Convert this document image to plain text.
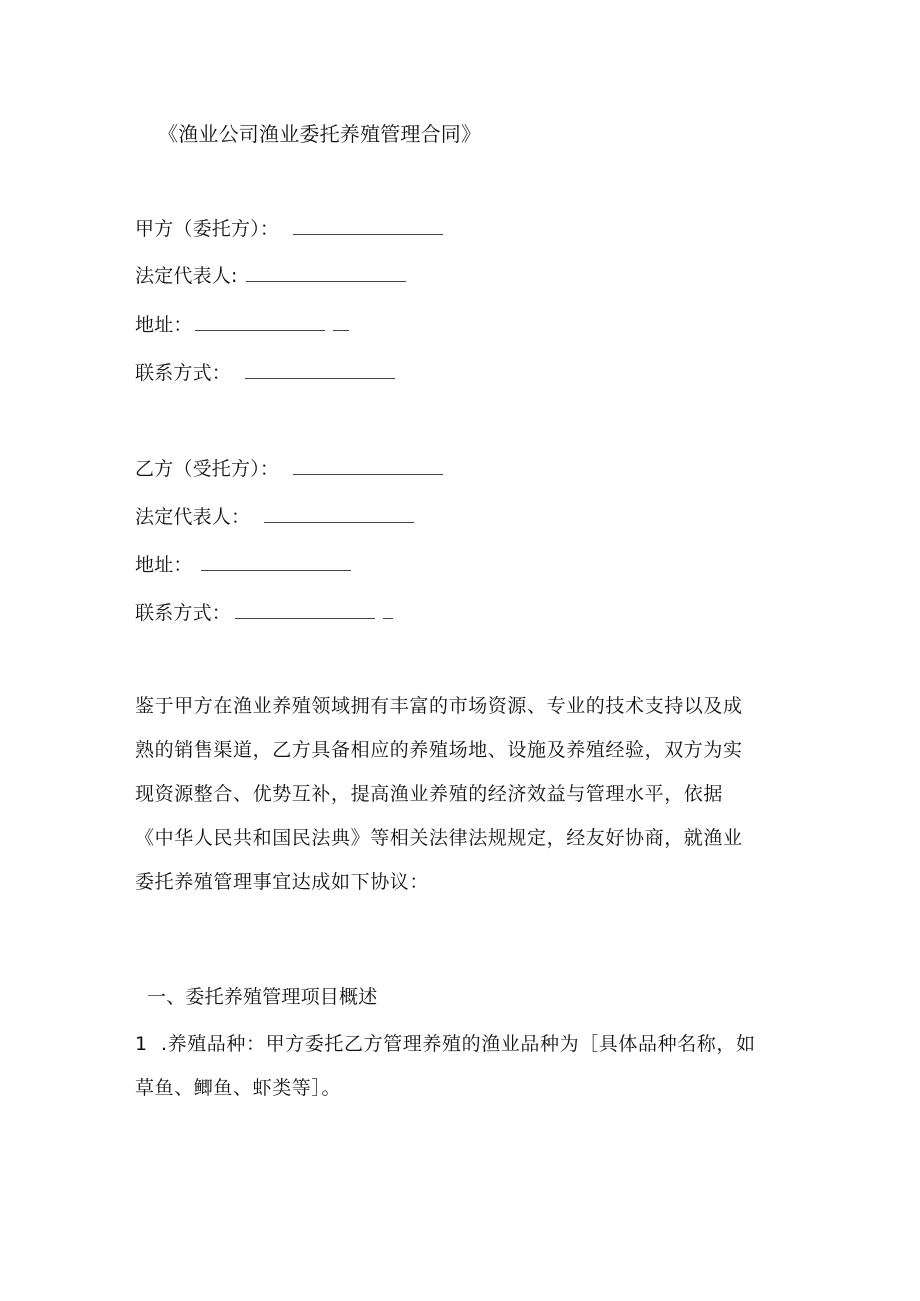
《渔业公司渔业委托养殖管理合同》
甲方（委托方）：
法定代表人:
地址：
联系方式：
乙方（受托方）：
法定代表人：
地址：
联系方式：

鉴于甲方在渔业养殖领域拥有丰富的市场资源、专业的技术支持以及成

熟的销售渠道，乙方具备相应的养殖场地、设施及养殖经验，双方为实

现资源整合、优势互补，提高渔业养殖的经济效益与管理水平，依据

《中华人民共和国民法典》等相关法律法规规定，经友好协商，就渔业

委托养殖管理事宜达成如下协议：

一、委托养殖管理项目概述

1  .养殖品种：甲方委托乙方管理养殖的渔业品种为［具体品种名称，如

草鱼、鲫鱼、虾类等］。
